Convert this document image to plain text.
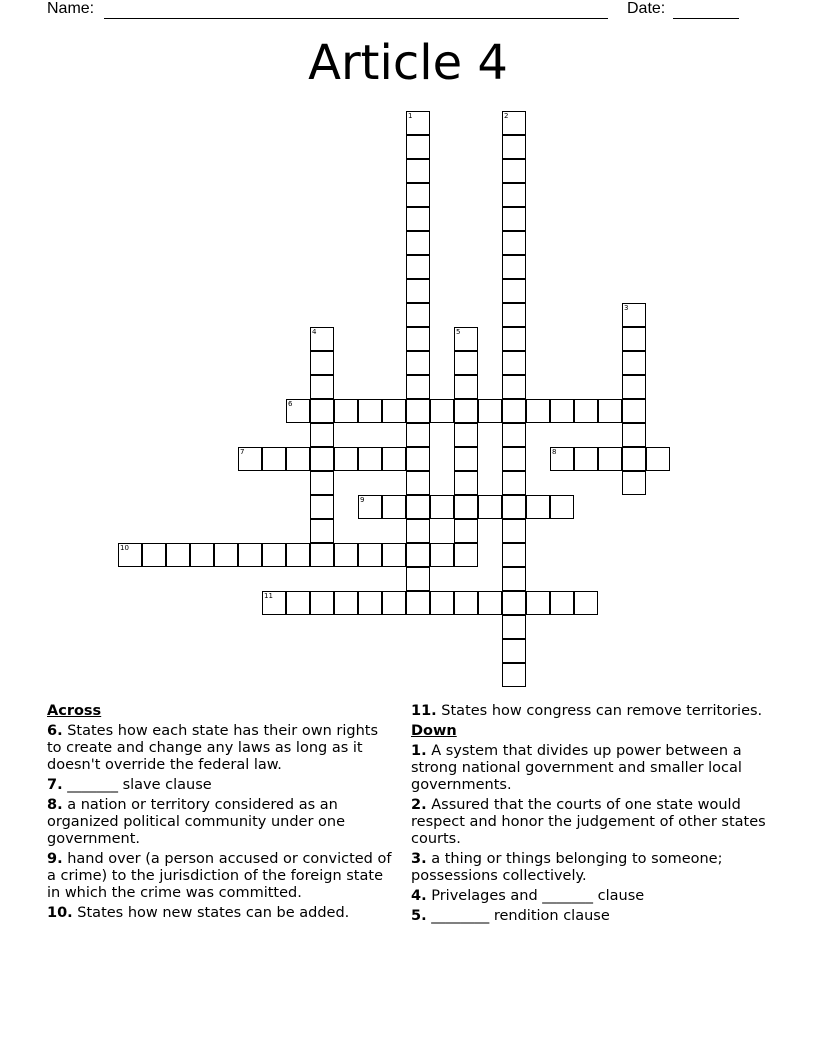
Name:	Date:
Article 4
1	2
3
4	5
6
7	8
9
10
11
Across
6. States how each state has their own rights to create and change any laws as long as it doesn't override the federal law.
7. _______ slave clause
8. a nation or territory considered as an organized political community under one government.
9. hand over (a person accused or convicted of a crime) to the jurisdiction of the foreign state in which the crime was committed.
10. States how new states can be added.
11. States how congress can remove territories.
Down
1. A system that divides up power between a strong national government and smaller local governments.
2. Assured that the courts of one state would respect and honor the judgement of other states courts.
3. a thing or things belonging to someone; possessions collectively.
4. Privelages and _______ clause
5. ________ rendition clause
